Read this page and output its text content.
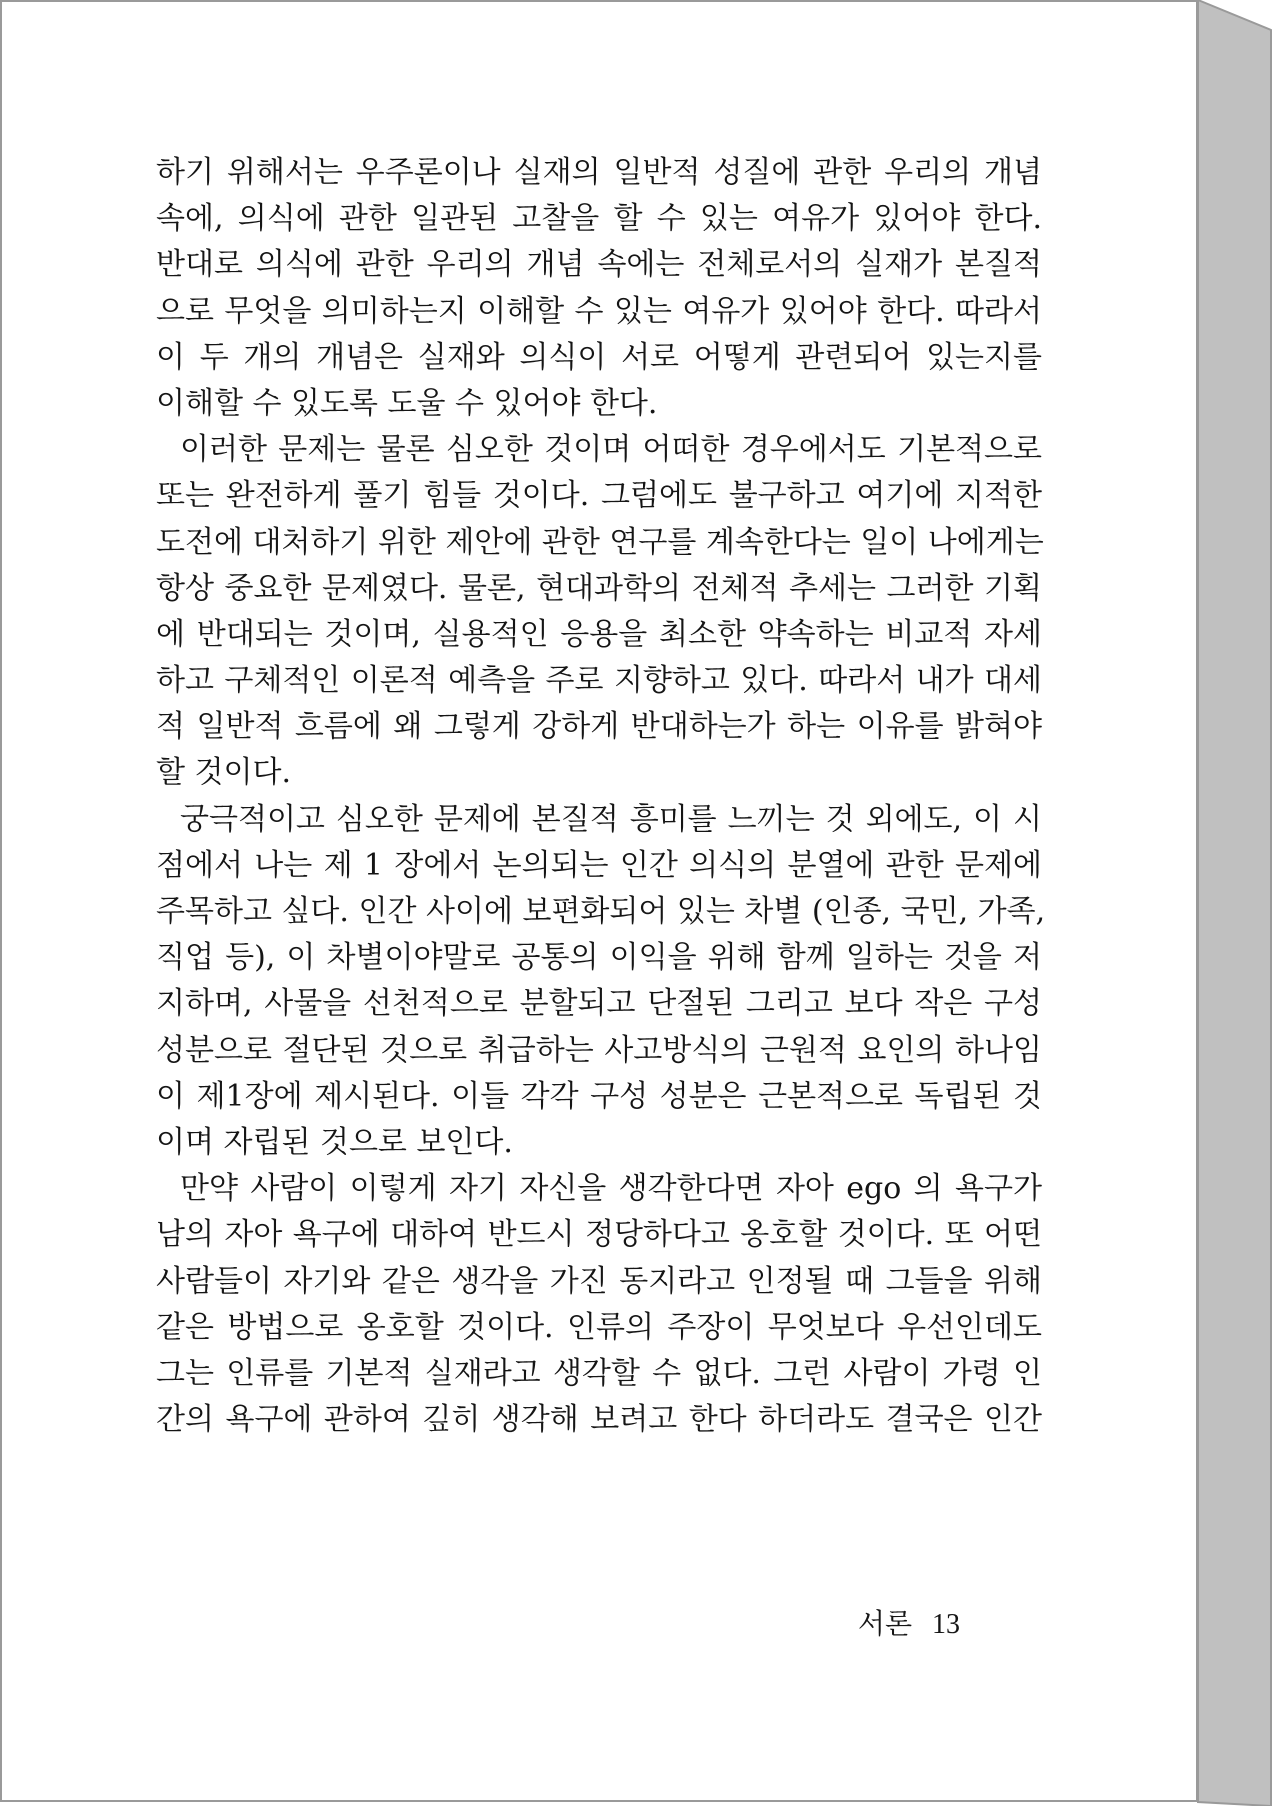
하기 위해서는 우주론이나 실재의 일반적 성질에 관한 우리의 개념
속에, 의식에 관한 일관된 고찰을 할 수 있는 여유가 있어야 한다.
반대로 의식에 관한 우리의 개념 속에는 전체로서의 실재가 본질적
으로 무엇을 의미하는지 이해할 수 있는 여유가 있어야 한다. 따라서
이 두 개의 개념은 실재와 의식이 서로 어떻게 관련되어 있는지를
이해할 수 있도록 도울 수 있어야 한다.

이러한 문제는 물론 심오한 것이며 어떠한 경우에서도 기본적으로
또는 완전하게 풀기 힘들 것이다. 그럼에도 불구하고 여기에 지적한
도전에 대처하기 위한 제안에 관한 연구를 계속한다는 일이 나에게는
항상 중요한 문제였다. 물론, 현대과학의 전체적 추세는 그러한 기획
에 반대되는 것이며, 실용적인 응용을 최소한 약속하는 비교적 자세
하고 구체적인 이론적 예측을 주로 지향하고 있다. 따라서 내가 대세
적 일반적 흐름에 왜 그렇게 강하게 반대하는가 하는 이유를 밝혀야
할 것이다.

궁극적이고 심오한 문제에 본질적 흥미를 느끼는 것 외에도, 이 시
점에서 나는 제 1 장에서 논의되는 인간 의식의 분열에 관한 문제에
주목하고 싶다. 인간 사이에 보편화되어 있는 차별 (인종, 국민, 가족,
직업 등), 이 차별이야말로 공통의 이익을 위해 함께 일하는 것을 저
지하며, 사물을 선천적으로 분할되고 단절된 그리고 보다 작은 구성
성분으로 절단된 것으로 취급하는 사고방식의 근원적 요인의 하나임
이 제1장에 제시된다. 이들 각각 구성 성분은 근본적으로 독립된 것
이며 자립된 것으로 보인다.

만약 사람이 이렇게 자기 자신을 생각한다면 자아 ego 의 욕구가
남의 자아 욕구에 대하여 반드시 정당하다고 옹호할 것이다. 또 어떤
사람들이 자기와 같은 생각을 가진 동지라고 인정될 때 그들을 위해
같은 방법으로 옹호할 것이다. 인류의 주장이 무엇보다 우선인데도
그는 인류를 기본적 실재라고 생각할 수 없다. 그런 사람이 가령 인
간의 욕구에 관하여 깊히 생각해 보려고 한다 하더라도 결국은 인간

서론 13
